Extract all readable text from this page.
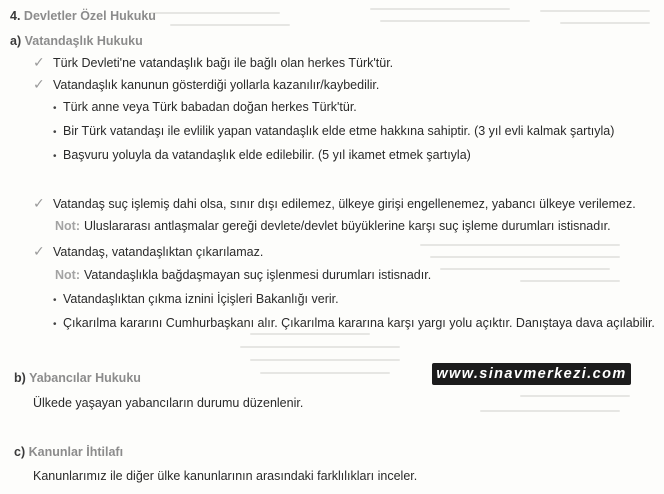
4. Devletler Özel Hukuku
a) Vatandaşlık Hukuku
✓ Türk Devleti'ne vatandaşlık bağı ile bağlı olan herkes Türk'tür.
✓ Vatandaşlık kanunun gösterdiği yollarla kazanılır/kaybedilir.
• Türk anne veya Türk babadan doğan herkes Türk'tür.
• Bir Türk vatandaşı ile evlilik yapan vatandaşlık elde etme hakkına sahiptir. (3 yıl evli kalmak şartıyla)
• Başvuru yoluyla da vatandaşlık elde edilebilir. (5 yıl ikamet etmek şartıyla)
✓ Vatandaş suç işlemiş dahi olsa, sınır dışı edilemez, ülkeye girişi engellenemez, yabancı ülkeye verilemez.
Not: Uluslararası antlaşmalar gereği devlete/devlet büyüklerine karşı suç işleme durumları istisnadır.
✓ Vatandaş, vatandaşlıktan çıkarılamaz.
Not: Vatandaşlıkla bağdaşmayan suç işlenmesi durumları istisnadır.
• Vatandaşlıktan çıkma iznini İçişleri Bakanlığı verir.
• Çıkarılma kararını Cumhurbaşkanı alır. Çıkarılma kararına karşı yargı yolu açıktır. Danıştaya dava açılabilir.
b) Yabancılar Hukuku
Ülkede yaşayan yabancıların durumu düzenlenir.
www.sinavmerkezi.com
c) Kanunlar İhtilafı
Kanunlarımız ile diğer ülke kanunlarının arasındaki farklılıkları inceler.
